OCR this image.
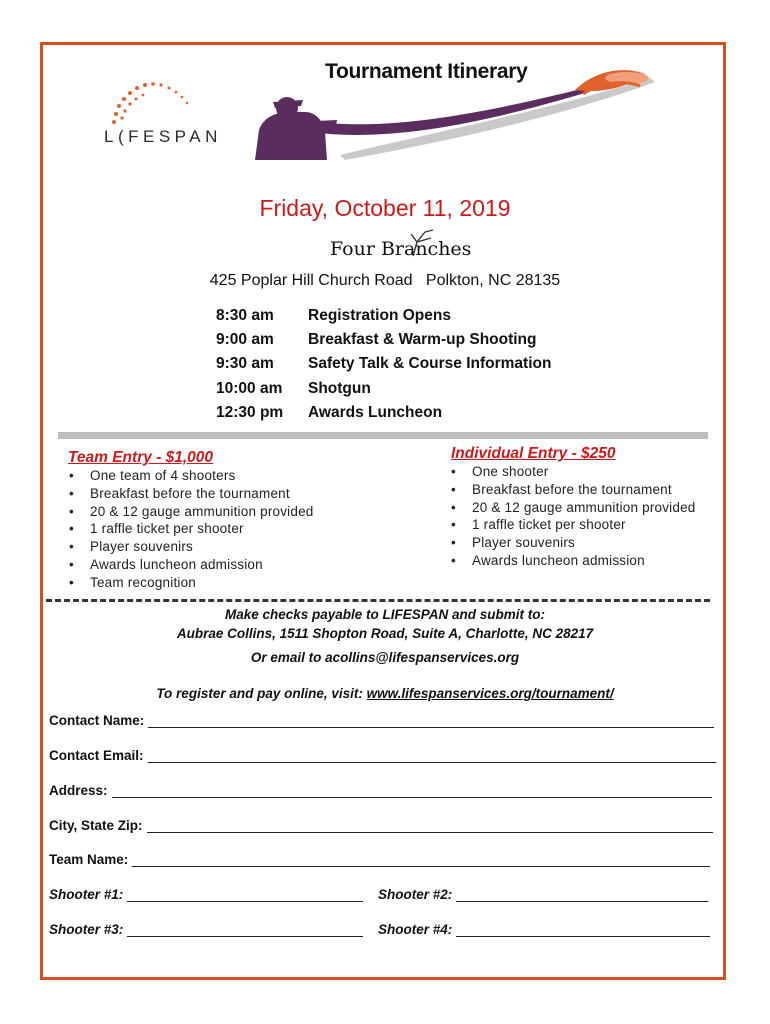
L(FESPAN
Tournament Itinerary
Friday, October 11, 2019
Four Branches
425 Poplar Hill Church Road   Polkton, NC 28135
8:30 am Registration Opens
9:00 am Breakfast & Warm-up Shooting
9:30 am Safety Talk & Course Information
10:00 am Shotgun
12:30 pm Awards Luncheon
Team Entry - $1,000
• One team of 4 shooters
• Breakfast before the tournament
• 20 & 12 gauge ammunition provided
• 1 raffle ticket per shooter
• Player souvenirs
• Awards luncheon admission
• Team recognition
Individual Entry - $250
• One shooter
• Breakfast before the tournament
• 20 & 12 gauge ammunition provided
• 1 raffle ticket per shooter
• Player souvenirs
• Awards luncheon admission
Make checks payable to LIFESPAN and submit to:
Aubrae Collins, 1511 Shopton Road, Suite A, Charlotte, NC 28217
Or email to acollins@lifespanservices.org
To register and pay online, visit: www.lifespanservices.org/tournament/
Contact Name:
Contact Email:
Address:
City, State Zip:
Team Name:
Shooter #1:	Shooter #2:
Shooter #3:	Shooter #4:
